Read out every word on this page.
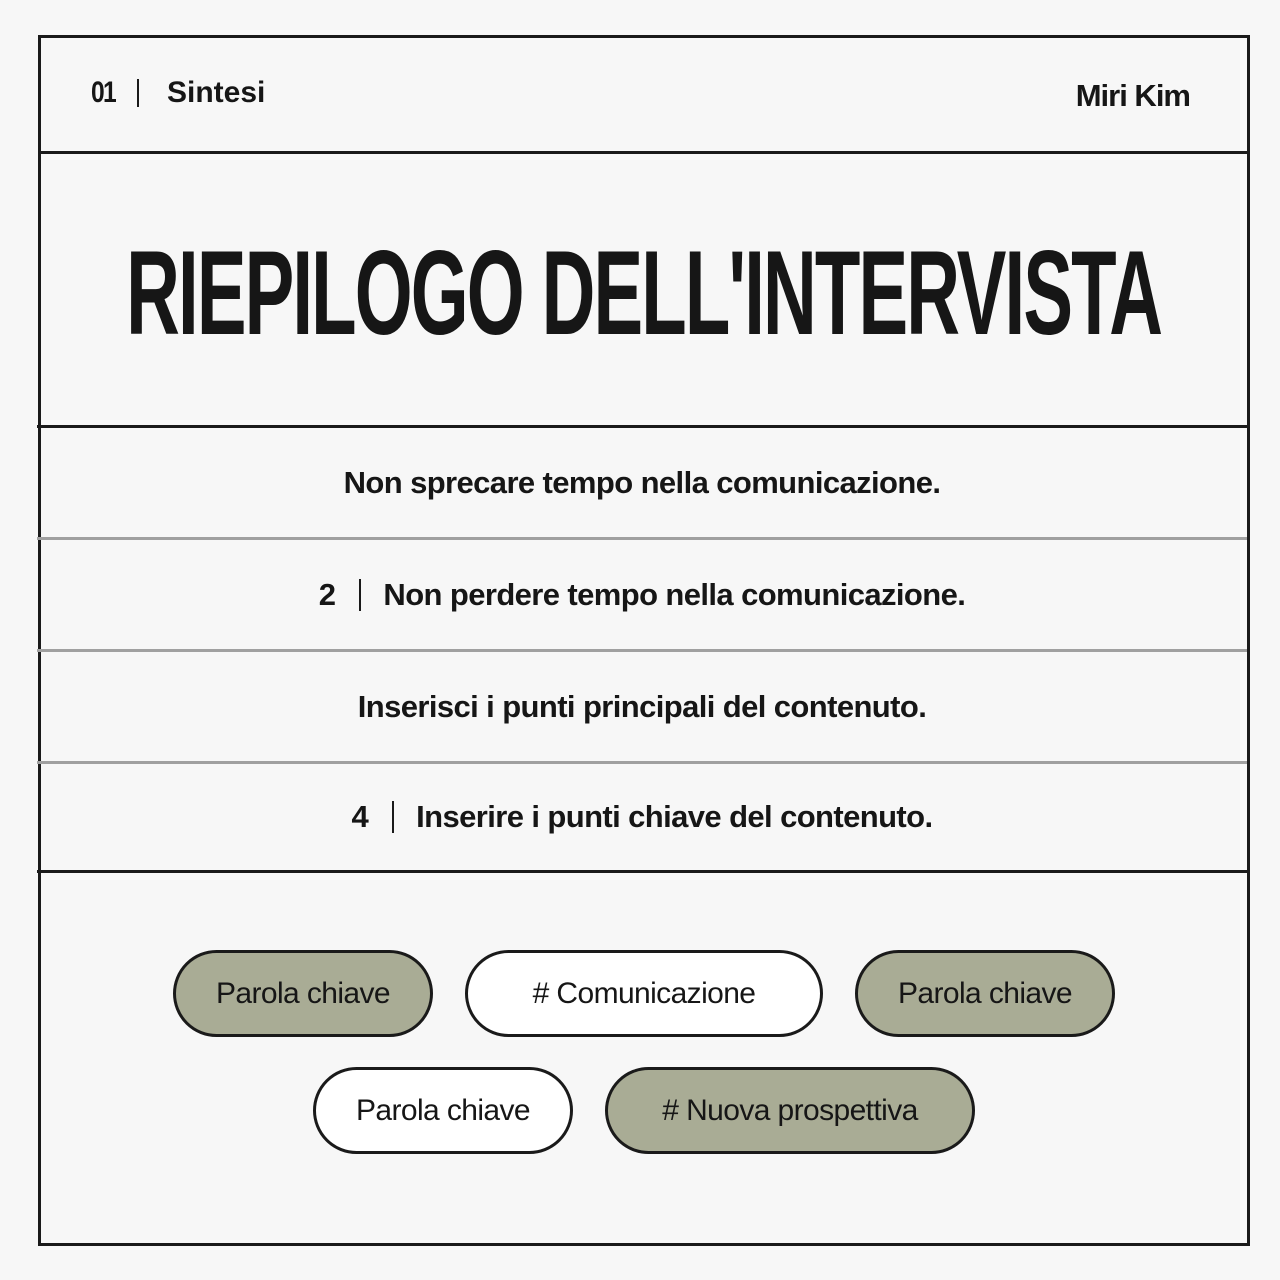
01 Sintesi	Miri Kim
RIEPILOGO DELL'INTERVISTA
Non sprecare tempo nella comunicazione.
2 Non perdere tempo nella comunicazione.
Inserisci i punti principali del contenuto.
4 Inserire i punti chiave del contenuto.
Parola chiave	# Comunicazione	Parola chiave
Parola chiave	# Nuova prospettiva
